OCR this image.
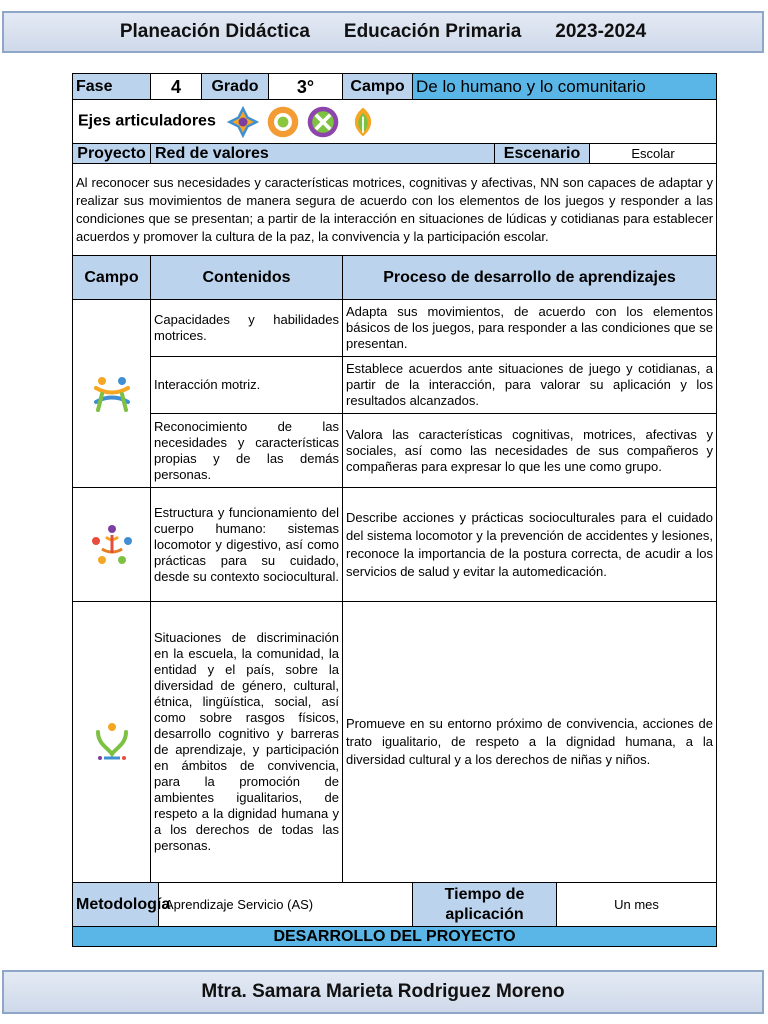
Planeación Didáctica Educación Primaria 2023-2024
Fase	4		Grado	3°	Campo	De lo humano y lo comunitario			
Ejes articuladores									

Proyecto	Red de valores						Escenario		Escolar
Al reconocer sus necesidades y características motrices, cognitivas y afectivas, NN son capaces de adaptar y realizar sus movimientos de manera segura de acuerdo con los elementos de los juegos y responder a las condiciones que se presentan; a partir de la interacción en situaciones de lúdicas y cotidianas para establecer acuerdos y promover la cultura de la paz, la convivencia y la participación escolar.									
Campo	Contenidos				Proceso de desarrollo de aprendizajes				

	Capacidades y habilidades motrices.				Adapta sus movimientos, de acuerdo con los elementos básicos de los juegos, para responder a las condiciones que se presentan.				
	Interacción motriz.				Establece acuerdos ante situaciones de juego y cotidianas, a partir de la interacción, para valorar su aplicación y los resultados alcanzados.				
	Reconocimiento de las necesidades y características propias y de las demás personas.				Valora las características cognitivas, motrices, afectivas y sociales, así como las necesidades de sus compañeros y compañeras para expresar lo que les une como grupo.				

	Estructura y funcionamiento del cuerpo humano: sistemas locomotor y digestivo, así como prácticas para su cuidado, desde su contexto sociocultural.				Describe acciones y prácticas socioculturales para el cuidado del sistema locomotor y la prevención de accidentes y lesiones, reconoce la importancia de la postura correcta, de acudir a los servicios de salud y evitar la automedicación.				

	Situaciones de discriminación en la escuela, la comunidad, la entidad y el país, sobre la diversidad de género, cultural, étnica, lingüística, social, así como sobre rasgos físicos, desarrollo cognitivo y barreras de aprendizaje, y participación en ámbitos de convivencia, para la promoción de ambientes igualitarios, de respeto a la dignidad humana y a los derechos de todas las personas.				Promueve en su entorno próximo de convivencia, acciones de trato igualitario, de respeto a la dignidad humana, a la diversidad cultural y a los derechos de niñas y niños.				
Metodología		Aprendizaje Servicio (AS)				Tiempo de aplicación		Un mes	
DESARROLLO DEL PROYECTO									
Mtra. Samara Marieta Rodriguez Moreno
